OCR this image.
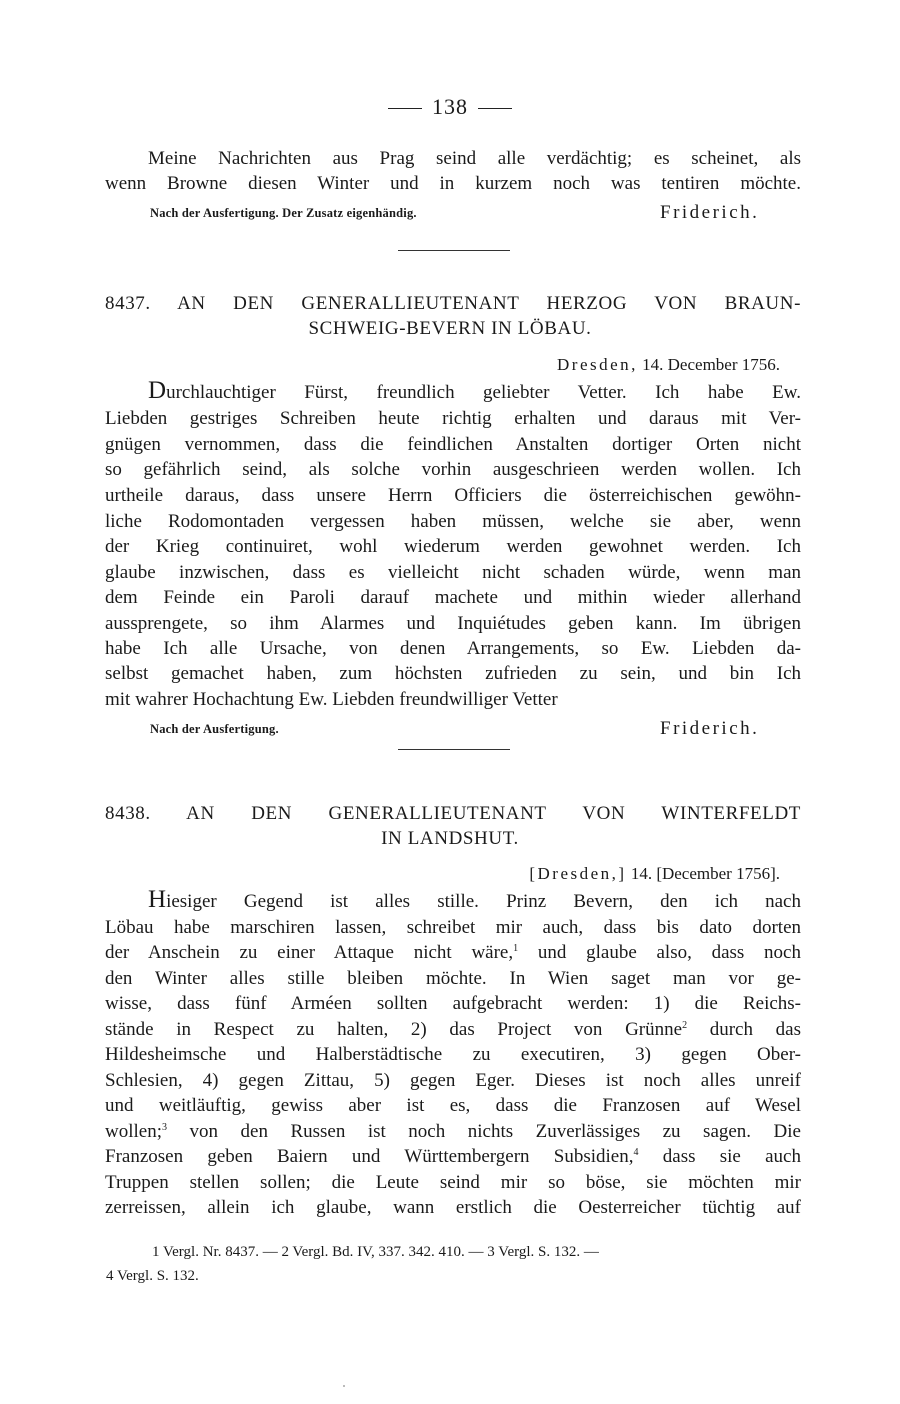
138
Meine Nachrichten aus Prag seind alle verdächtig; es scheinet, als
wenn Browne diesen Winter und in kurzem noch was tentiren möchte.
Nach der Ausfertigung. Der Zusatz eigenhändig.	Friderich.
8437. AN DEN GENERALLIEUTENANT HERZOG VON BRAUN-
SCHWEIG-BEVERN IN LÖBAU.
Dresden, 14. December 1756.
Durchlauchtiger Fürst, freundlich geliebter Vetter. Ich habe Ew.
Liebden gestriges Schreiben heute richtig erhalten und daraus mit Ver-
gnügen vernommen, dass die feindlichen Anstalten dortiger Orten nicht
so gefährlich seind, als solche vorhin ausgeschrieen werden wollen. Ich
urtheile daraus, dass unsere Herrn Officiers die österreichischen gewöhn-
liche Rodomontaden vergessen haben müssen, welche sie aber, wenn
der Krieg continuiret, wohl wiederum werden gewohnet werden. Ich
glaube inzwischen, dass es vielleicht nicht schaden würde, wenn man
dem Feinde ein Paroli darauf machete und mithin wieder allerhand
aussprengete, so ihm Alarmes und Inquiétudes geben kann. Im übrigen
habe Ich alle Ursache, von denen Arrangements, so Ew. Liebden da-
selbst gemachet haben, zum höchsten zufrieden zu sein, und bin Ich
mit wahrer Hochachtung Ew. Liebden freundwilliger Vetter
Nach der Ausfertigung.	Friderich.
8438. AN DEN GENERALLIEUTENANT VON WINTERFELDT
IN LANDSHUT.
[Dresden,] 14. [December 1756].
Hiesiger Gegend ist alles stille. Prinz Bevern, den ich nach
Löbau habe marschiren lassen, schreibet mir auch, dass bis dato dorten
der Anschein zu einer Attaque nicht wäre,$^1$ und glaube also, dass noch
den Winter alles stille bleiben möchte. In Wien saget man vor ge-
wisse, dass fünf Arméen sollten aufgebracht werden: 1) die Reichs-
stände in Respect zu halten, 2) das Project von Grünne$^2$ durch das
Hildesheimsche und Halberstädtische zu executiren, 3) gegen Ober-
Schlesien, 4) gegen Zittau, 5) gegen Eger. Dieses ist noch alles unreif
und weitläuftig, gewiss aber ist es, dass die Franzosen auf Wesel
wollen;$^3$ von den Russen ist noch nichts Zuverlässiges zu sagen. Die
Franzosen geben Baiern und Württembergern Subsidien,$^4$ dass sie auch
Truppen stellen sollen; die Leute seind mir so böse, sie möchten mir
zerreissen, allein ich glaube, wann erstlich die Oesterreicher tüchtig auf
1 Vergl. Nr. 8437. — 2 Vergl. Bd. IV, 337. 342. 410. — 3 Vergl. S. 132. —
4 Vergl. S. 132.
